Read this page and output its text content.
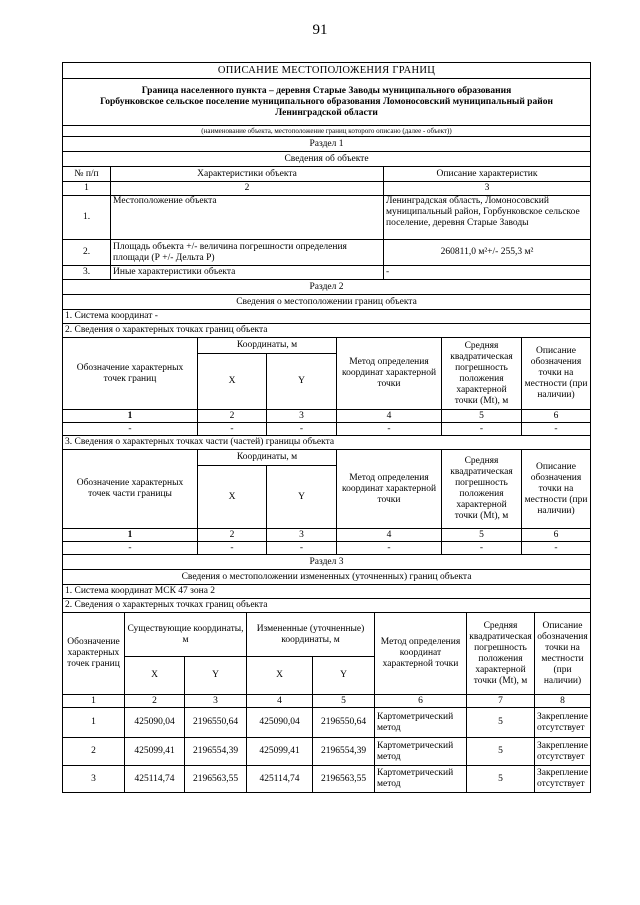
91
ОПИСАНИЕ МЕСТОПОЛОЖЕНИЯ ГРАНИЦ		

Граница населенного пункта – деревня Старые Заводы муниципального образования
Горбунковское сельское поселение муниципального образования Ломоносовский муниципальный район
Ленинградской области		

(наименование объекта, местоположение границ которого описано (далее - объект))		
Раздел 1		
Сведения об объекте		
№ п/п	Характеристики объекта	Описание характеристик
1	2	3
1.	Местоположение объекта	Ленинградская область, Ломоносовский муниципальный район, Горбунковское сельское поселение, деревня Старые Заводы
2.	Площадь объекта +/- величина погрешности определения площади (Р +/- Дельта Р)	260811,0 м²+/- 255,3 м²
3.	Иные характеристики объекта	-
Раздел 2					
Сведения о местоположении границ объекта					
1. Система координат -					
2. Сведения о характерных точках границ объекта					
Обозначение характерных точек границ	Координаты, м		Метод определения координат характерной точки	Средняя квадратическая погрешность положения характерной точки (Mt), м	Описание обозначения точки на местности (при наличии)
	X	Y			
1	2	3	4	5	6
-	-	-	-	-	-
3. Сведения о характерных точках части (частей) границы объекта					
Обозначение характерных точек части границы	Координаты, м		Метод определения координат характерной точки	Средняя квадратическая погрешность положения характерной точки (Mt), м	Описание обозначения точки на местности (при наличии)
	X	Y			
1	2	3	4	5	6
-	-	-	-	-	-
Раздел 3							
Сведения о местоположении измененных (уточненных) границ объекта							
1. Система координат МСК 47 зона 2							
2. Сведения о характерных точках границ объекта							
Обозначение характерных точек границ	Существующие координаты, м		Измененные (уточненные) координаты, м		Метод определения координат характерной точки	Средняя квадратическая погрешность положения характерной точки (Mt), м	Описание обозначения точки на местности (при наличии)
	X	Y	X	Y			
1	2	3	4	5	6	7	8
1	425090,04	2196550,64	425090,04	2196550,64	Картометрический метод	5	Закрепление отсутствует
2	425099,41	2196554,39	425099,41	2196554,39	Картометрический метод	5	Закрепление отсутствует
3	425114,74	2196563,55	425114,74	2196563,55	Картометрический метод	5	Закрепление отсутствует
